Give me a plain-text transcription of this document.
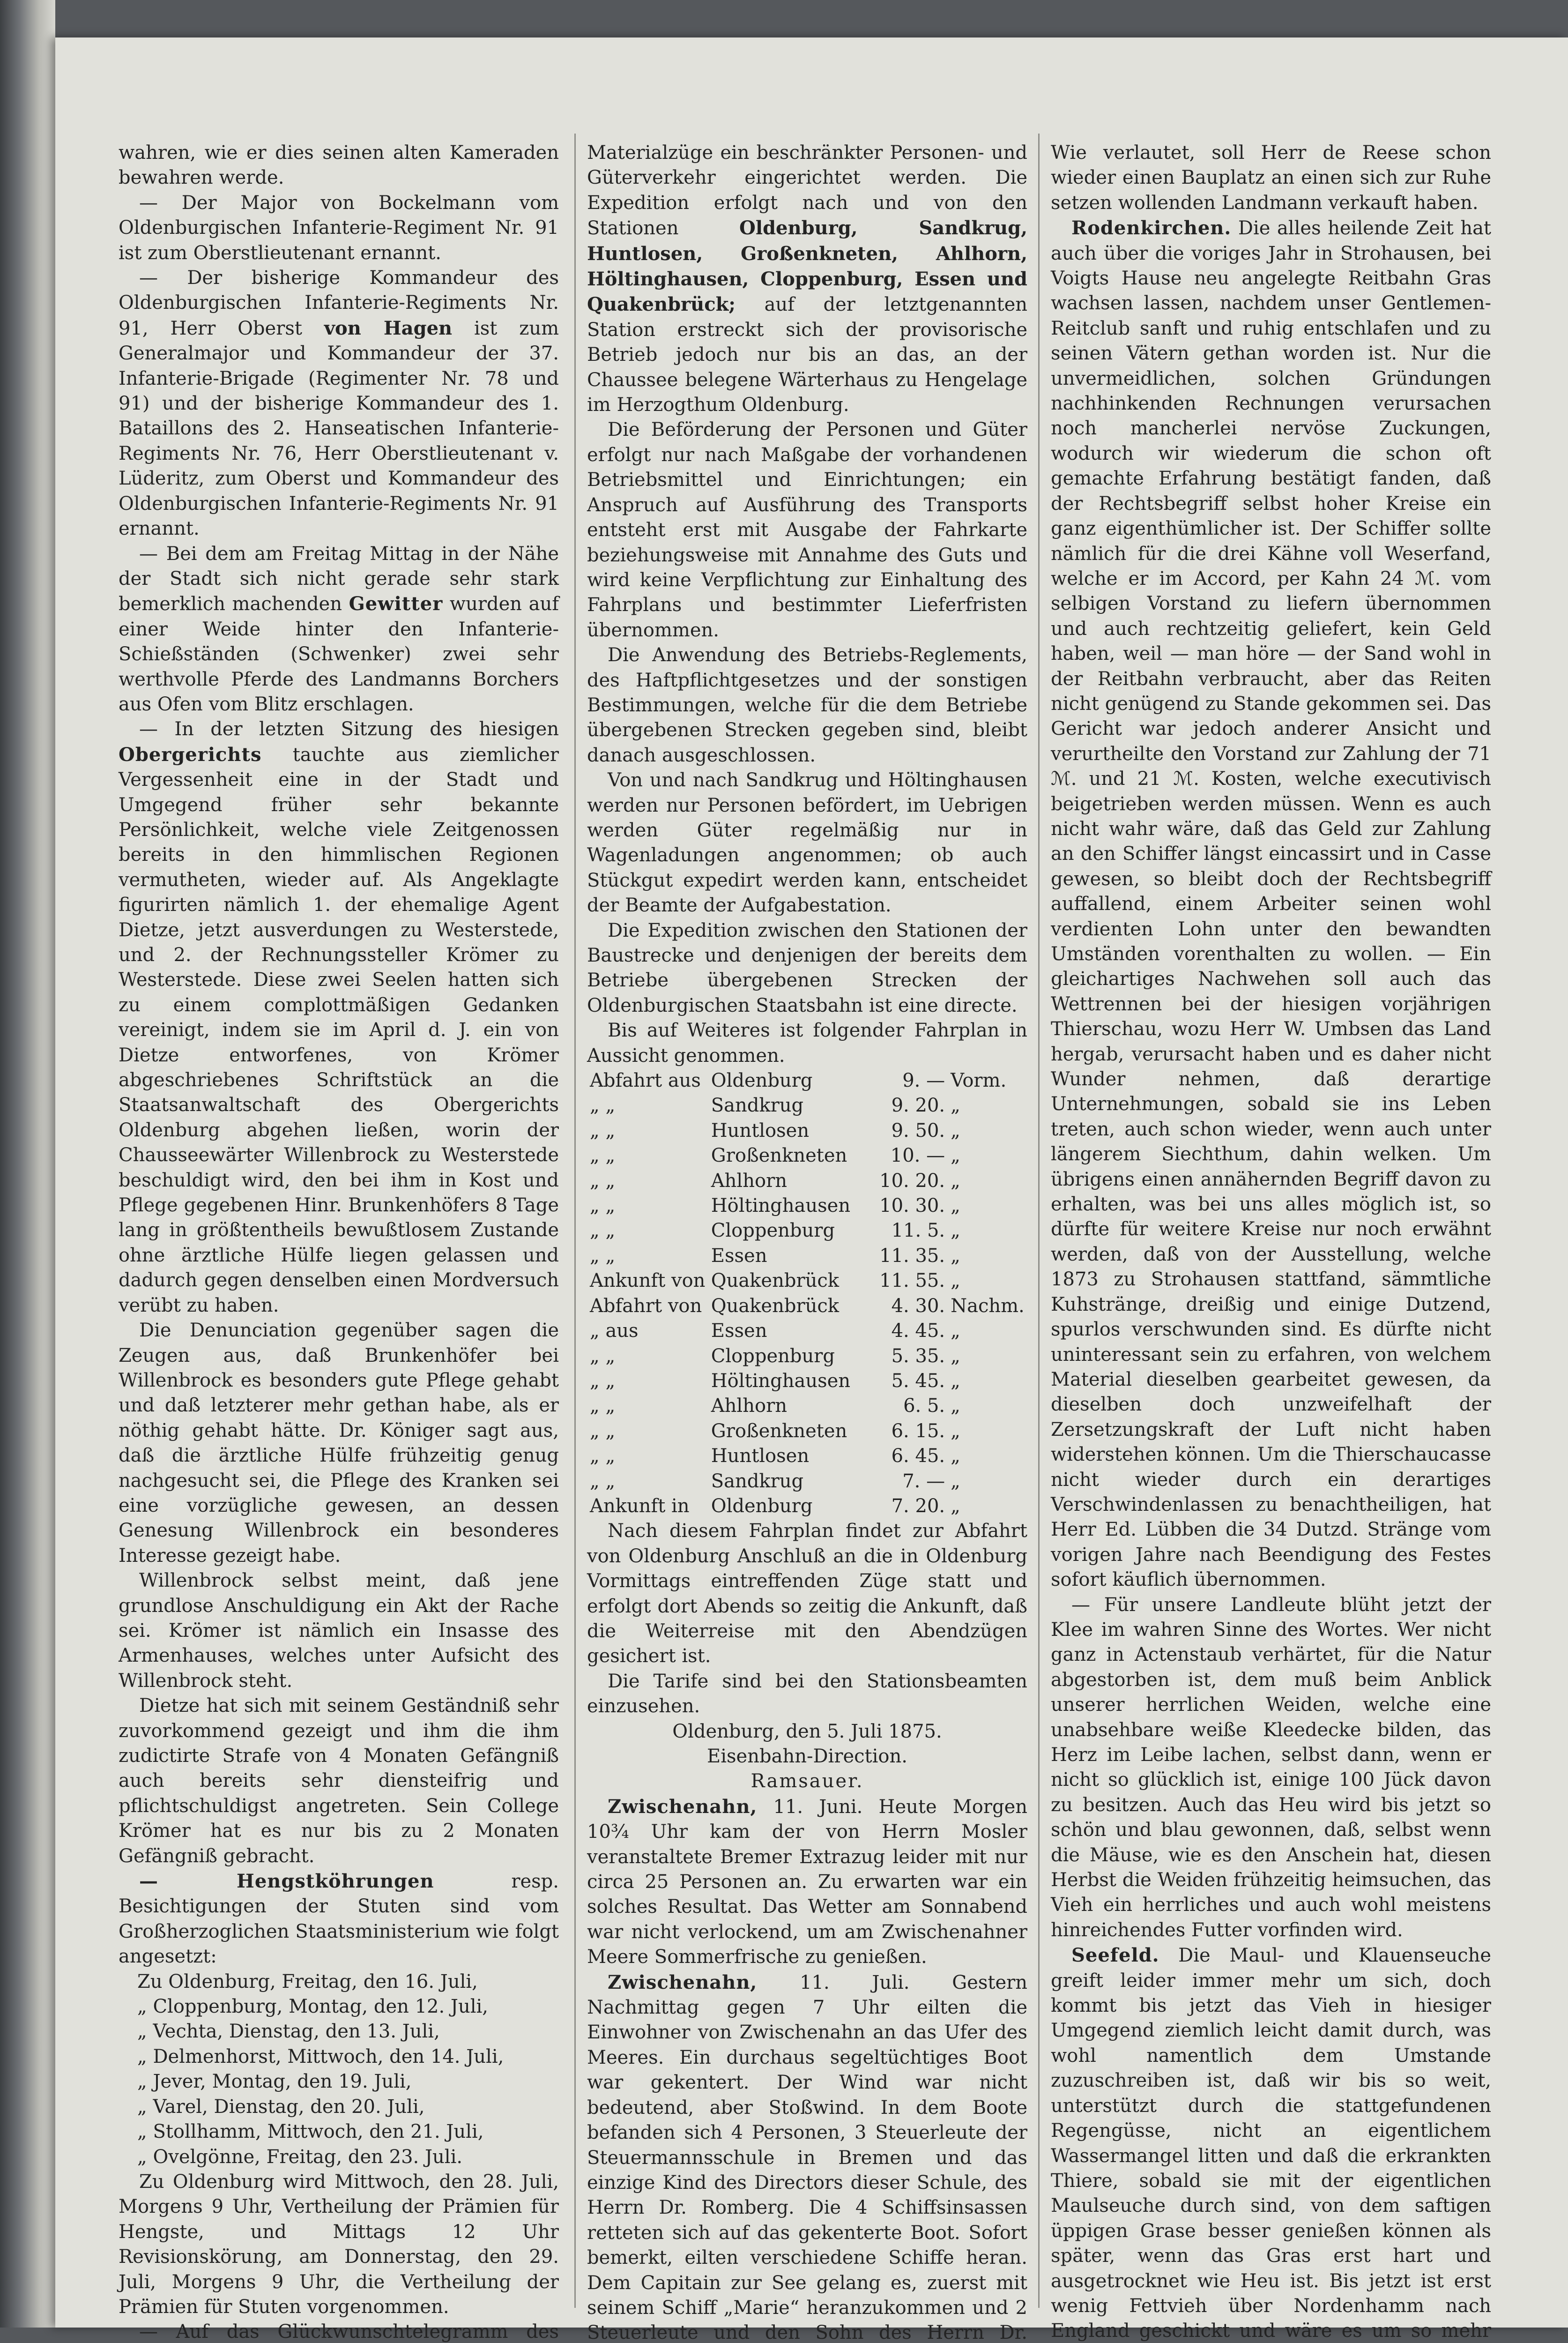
wahren, wie er dies seinen alten Kameraden bewahren werde.

— Der Major von Bockelmann vom Oldenburgischen Infanterie-Regiment Nr. 91 ist zum Oberstlieutenant ernannt.

— Der bisherige Kommandeur des Oldenburgischen Infanterie-Regiments Nr. 91, Herr Oberst von Hagen ist zum Generalmajor und Kommandeur der 37. Infanterie-Brigade (Regimenter Nr. 78 und 91) und der bisherige Kommandeur des 1. Bataillons des 2. Hanseatischen Infanterie-Regiments Nr. 76, Herr Oberstlieutenant v. Lüderitz, zum Oberst und Kommandeur des Oldenburgischen Infanterie-Regiments Nr. 91 ernannt.

— Bei dem am Freitag Mittag in der Nähe der Stadt sich nicht gerade sehr stark bemerklich machenden Gewitter wurden auf einer Weide hinter den Infanterie-Schießständen (Schwenker) zwei sehr werthvolle Pferde des Landmanns Borchers aus Ofen vom Blitz erschlagen.

— In der letzten Sitzung des hiesigen Obergerichts tauchte aus ziemlicher Vergessenheit eine in der Stadt und Umgegend früher sehr bekannte Persönlichkeit, welche viele Zeitgenossen bereits in den himmlischen Regionen vermutheten, wieder auf. Als Angeklagte figurirten nämlich 1. der ehemalige Agent Dietze, jetzt ausverdungen zu Westerstede, und 2. der Rechnungssteller Krömer zu Westerstede. Diese zwei Seelen hatten sich zu einem complottmäßigen Gedanken vereinigt, indem sie im April d. J. ein von Dietze entworfenes, von Krömer abgeschriebenes Schriftstück an die Staatsanwaltschaft des Obergerichts Oldenburg abgehen ließen, worin der Chausseewärter Willenbrock zu Westerstede beschuldigt wird, den bei ihm in Kost und Pflege gegebenen Hinr. Brunkenhöfers 8 Tage lang in größtentheils bewußtlosem Zustande ohne ärztliche Hülfe liegen gelassen und dadurch gegen denselben einen Mordversuch verübt zu haben.

Die Denunciation gegenüber sagen die Zeugen aus, daß Brunkenhöfer bei Willenbrock es besonders gute Pflege gehabt und daß letzterer mehr gethan habe, als er nöthig gehabt hätte. Dr. Königer sagt aus, daß die ärztliche Hülfe frühzeitig genug nachgesucht sei, die Pflege des Kranken sei eine vorzügliche gewesen, an dessen Genesung Willenbrock ein besonderes Interesse gezeigt habe.

Willenbrock selbst meint, daß jene grundlose Anschuldigung ein Akt der Rache sei. Krömer ist nämlich ein Insasse des Armenhauses, welches unter Aufsicht des Willenbrock steht.

Dietze hat sich mit seinem Geständniß sehr zuvorkommend gezeigt und ihm die ihm zudictirte Strafe von 4 Monaten Gefängniß auch bereits sehr diensteifrig und pflichtschuldigst angetreten. Sein College Krömer hat es nur bis zu 2 Monaten Gefängniß gebracht.

— Hengstköhrungen	resp. Besichtigungen der Stuten sind vom Großherzoglichen Staatsministerium wie folgt angesetzt:

Zu Oldenburg, Freitag, den 16. Juli,
„ Cloppenburg, Montag, den 12. Juli,
„ Vechta, Dienstag, den 13. Juli,
„ Delmenhorst, Mittwoch, den 14. Juli,
„ Jever, Montag, den 19. Juli,
„ Varel, Dienstag, den 20. Juli,
„ Stollhamm, Mittwoch, den 21. Juli,
„ Ovelgönne, Freitag, den 23. Juli.

Zu Oldenburg wird Mittwoch, den 28. Juli, Morgens 9 Uhr, Vertheilung der Prämien für Hengste, und Mittags 12 Uhr Revisionskörung, am Donnerstag, den 29. Juli, Morgens 9 Uhr, die Vertheilung der Prämien für Stuten vorgenommen.

— Auf das Glückwunschtelegramm des

Materialzüge ein beschränkter Personen- und Güterverkehr eingerichtet werden. Die Expedition erfolgt nach und von den Stationen	Oldenburg, Sandkrug, Huntlosen, Großenkneten, Ahlhorn, Höltinghausen, Cloppenburg, Essen und Quakenbrück; auf der letztgenannten Station erstreckt sich der provisorische Betrieb jedoch nur bis an das, an der Chaussee belegene Wärterhaus zu Hengelage im Herzogthum Oldenburg.

Die Beförderung der Personen und Güter erfolgt nur nach Maßgabe der vorhandenen Betriebsmittel und Einrichtungen; ein Anspruch auf Ausführung des Transports entsteht erst mit Ausgabe der Fahrkarte beziehungsweise mit Annahme des Guts und wird keine Verpflichtung zur Einhaltung des Fahrplans und bestimmter Lieferfristen übernommen.

Die Anwendung des Betriebs-Reglements, des Haftpflichtgesetzes und der sonstigen Bestimmungen, welche für die dem Betriebe übergebenen Strecken gegeben sind, bleibt danach ausgeschlossen.

Von und nach Sandkrug und Höltinghausen werden nur Personen befördert, im Uebrigen werden Güter regelmäßig nur in Wagenladungen angenommen; ob auch Stückgut expedirt werden kann, entscheidet der Beamte der Aufgabestation.

Die Expedition zwischen den Stationen der Baustrecke und denjenigen der bereits dem Betriebe übergebenen Strecken der Oldenburgischen Staatsbahn ist eine directe.

Bis auf Weiteres ist folgender Fahrplan in Aussicht genommen.

Abfahrt aus	Oldenburg	9. —	Vorm.
„ „	Sandkrug	9. 20.	„
„ „	Huntlosen	9. 50.	„
„ „	Großenkneten	10. —	„
„ „	Ahlhorn	10. 20.	„
„ „	Höltinghausen	10. 30.	„
„ „	Cloppenburg	11. 5.	„
„ „	Essen	11. 35.	„
Ankunft von	Quakenbrück	11. 55.	„
Abfahrt von	Quakenbrück	4. 30.	Nachm.
„ aus	Essen	4. 45.	„
„ „	Cloppenburg	5. 35.	„
„ „	Höltinghausen	5. 45.	„
„ „	Ahlhorn	6. 5.	„
„ „	Großenkneten	6. 15.	„
„ „	Huntlosen	6. 45.	„
„ „	Sandkrug	7. —	„
Ankunft in	Oldenburg	7. 20.	„

Nach diesem Fahrplan findet zur Abfahrt von Oldenburg Anschluß an die in Oldenburg Vormittags eintreffenden Züge statt und erfolgt dort Abends so zeitig die Ankunft, daß die Weiterreise mit den Abendzügen gesichert ist.

Die Tarife sind bei den Stationsbeamten einzusehen.

Oldenburg, den 5. Juli 1875.

Eisenbahn-Direction.

Ramsauer.

Zwischenahn, 11. Juni. Heute Morgen 10¾ Uhr kam der von Herrn Mosler veranstaltete Bremer Extrazug leider mit nur circa 25 Personen an. Zu erwarten war ein solches Resultat. Das Wetter am Sonnabend war nicht verlockend, um am Zwischenahner Meere Sommerfrische zu genießen.

Zwischenahn, 11. Juli. Gestern Nachmittag gegen 7 Uhr eilten die Einwohner von Zwischenahn an das Ufer des Meeres. Ein durchaus segeltüchtiges Boot war gekentert. Der Wind war nicht bedeutend, aber Stoßwind. In dem Boote befanden sich 4 Personen, 3 Steuerleute der Steuermannsschule in Bremen und das einzige Kind des Directors dieser Schule, des Herrn Dr. Romberg. Die 4 Schiffsinsassen retteten sich auf das gekenterte Boot. Sofort bemerkt, eilten verschiedene Schiffe heran. Dem Capitain zur See gelang es, zuerst mit seinem Schiff „Marie“ heranzukommen und 2 Steuerleute und den Sohn des Herrn Dr.

Wie verlautet, soll Herr de Reese schon wieder einen Bauplatz an einen sich zur Ruhe setzen wollenden Landmann verkauft haben.

Rodenkirchen. Die alles heilende Zeit hat auch über die voriges Jahr in Strohausen, bei Voigts Hause neu angelegte Reitbahn Gras wachsen lassen, nachdem unser Gentlemen-Reitclub sanft und ruhig entschlafen und zu seinen Vätern gethan worden ist. Nur die unvermeidlichen, solchen Gründungen nachhinkenden Rechnungen verursachen noch mancherlei nervöse Zuckungen, wodurch wir wiederum die schon oft gemachte Erfahrung bestätigt fanden, daß der Rechtsbegriff selbst hoher Kreise ein ganz eigenthümlicher ist. Der Schiffer sollte nämlich für die drei Kähne voll Weserfand, welche er im Accord, per Kahn 24 ℳ. vom selbigen Vorstand zu liefern übernommen und auch rechtzeitig geliefert, kein Geld haben, weil — man höre — der Sand wohl in der Reitbahn verbraucht, aber das Reiten nicht genügend zu Stande gekommen sei. Das Gericht war jedoch anderer Ansicht und verurtheilte den Vorstand zur Zahlung der 71 ℳ. und 21 ℳ. Kosten, welche executivisch beigetrieben werden müssen. Wenn es auch nicht wahr wäre, daß das Geld zur Zahlung an den Schiffer längst eincassirt und in Casse gewesen, so bleibt doch der Rechtsbegriff auffallend, einem Arbeiter seinen wohl verdienten Lohn unter den bewandten Umständen vorenthalten zu wollen. — Ein gleichartiges Nachwehen soll auch das Wettrennen bei der hiesigen vorjährigen Thierschau, wozu Herr W. Umbsen das Land hergab, verursacht haben und es daher nicht Wunder nehmen, daß derartige Unternehmungen, sobald sie ins Leben treten, auch schon wieder, wenn auch unter längerem Siechthum, dahin welken. Um übrigens einen annähernden Begriff davon zu erhalten, was bei uns alles möglich ist, so dürfte für weitere Kreise nur noch erwähnt werden, daß von der Ausstellung, welche 1873 zu Strohausen stattfand, sämmtliche Kuhstränge, dreißig und einige Dutzend, spurlos verschwunden sind. Es dürfte nicht uninteressant sein zu erfahren, von welchem Material dieselben gearbeitet gewesen, da dieselben doch unzweifelhaft der Zersetzungskraft der Luft nicht haben widerstehen können. Um die Thierschaucasse nicht wieder durch ein derartiges Verschwindenlassen zu benachtheiligen, hat Herr Ed. Lübben die 34 Dutzd. Stränge vom vorigen Jahre nach Beendigung des Festes sofort käuflich übernommen.

— Für unsere Landleute blüht jetzt der Klee im wahren Sinne des Wortes. Wer nicht ganz in Actenstaub verhärtet, für die Natur abgestorben ist, dem muß beim Anblick unserer herrlichen Weiden, welche eine unabsehbare weiße Kleedecke bilden, das Herz im Leibe lachen, selbst dann, wenn er nicht so glücklich ist, einige 100 Jück davon zu besitzen. Auch das Heu wird bis jetzt so schön und blau gewonnen, daß, selbst wenn die Mäuse, wie es den Anschein hat, diesen Herbst die Weiden frühzeitig heimsuchen, das Vieh ein herrliches und auch wohl meistens hinreichendes Futter vorfinden wird.

Seefeld. Die Maul- und Klauenseuche greift leider immer mehr um sich, doch kommt bis jetzt das Vieh in hiesiger Umgegend ziemlich leicht damit durch, was wohl namentlich dem Umstande zuzuschreiben ist, daß wir bis so weit, unterstützt durch die stattgefundenen Regengüsse, nicht an eigentlichem Wassermangel litten und daß die erkrankten Thiere, sobald sie mit der eigentlichen Maulseuche durch sind, von dem saftigen üppigen Grase besser genießen können als später, wenn das Gras erst hart und ausgetrocknet wie Heu ist. Bis jetzt ist erst wenig Fettvieh über Nordenhamm nach England geschickt und wäre es um so mehr
